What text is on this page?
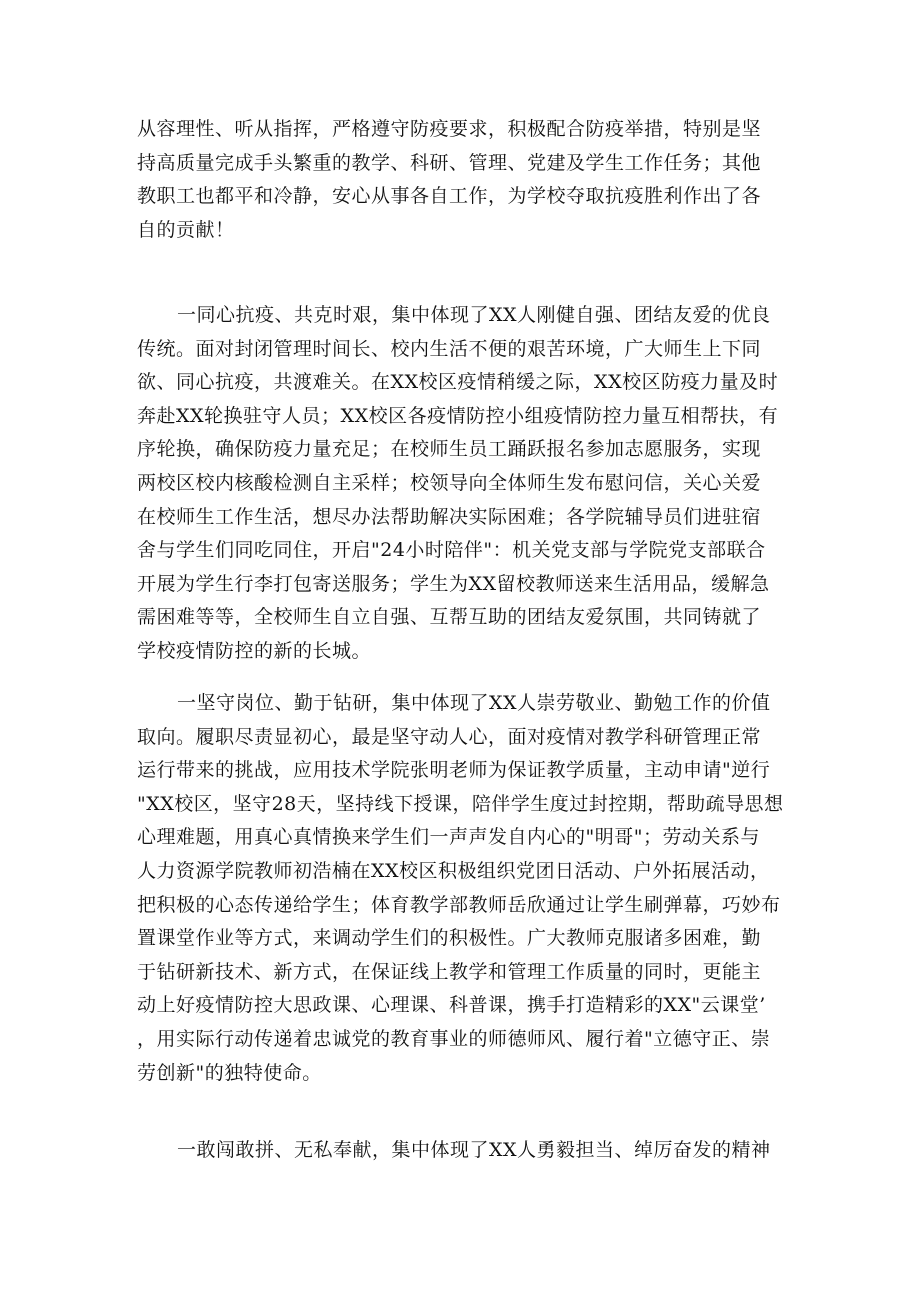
从容理性、听从指挥，严格遵守防疫要求，积极配合防疫举措，特别是坚
持高质量完成手头繁重的教学、科研、管理、党建及学生工作任务；其他
教职工也都平和冷静，安心从事各自工作，为学校夺取抗疫胜利作出了各
自的贡献！
一同心抗疫、共克时艰，集中体现了XX人刚健自强、团结友爱的优良
传统。面对封闭管理时间长、校内生活不便的艰苦环境，广大师生上下同
欲、同心抗疫，共渡难关。在XX校区疫情稍缓之际，XX校区防疫力量及时
奔赴XX轮换驻守人员；XX校区各疫情防控小组疫情防控力量互相帮扶，有
序轮换，确保防疫力量充足；在校师生员工踊跃报名参加志愿服务，实现
两校区校内核酸检测自主采样；校领导向全体师生发布慰问信，关心关爱
在校师生工作生活，想尽办法帮助解决实际困难；各学院辅导员们进驻宿
舍与学生们同吃同住，开启"24小时陪伴"：机关党支部与学院党支部联合
开展为学生行李打包寄送服务；学生为XX留校教师送来生活用品，缓解急
需困难等等，全校师生自立自强、互帮互助的团结友爱氛围，共同铸就了
学校疫情防控的新的长城。
一坚守岗位、勤于钻研，集中体现了XX人崇劳敬业、勤勉工作的价值
取向。履职尽责显初心，最是坚守动人心，面对疫情对教学科研管理正常
运行带来的挑战，应用技术学院张明老师为保证教学质量，主动申请"逆行
"XX校区，坚守28天，坚持线下授课，陪伴学生度过封控期，帮助疏导思想
心理难题，用真心真情换来学生们一声声发自内心的"明哥"；劳动关系与
人力资源学院教师初浩楠在XX校区积极组织党团日活动、户外拓展活动，
把积极的心态传递给学生；体育教学部教师岳欣通过让学生刷弹幕，巧妙布
置课堂作业等方式，来调动学生们的积极性。广大教师克服诸多困难，勤
于钻研新技术、新方式，在保证线上教学和管理工作质量的同时，更能主
动上好疫情防控大思政课、心理课、科普课，携手打造精彩的XX"云课堂’
，用实际行动传递着忠诚党的教育事业的师德师风、履行着"立德守正、崇
劳创新"的独特使命。
一敢闯敢拼、无私奉献，集中体现了XX人勇毅担当、绰厉奋发的精神
